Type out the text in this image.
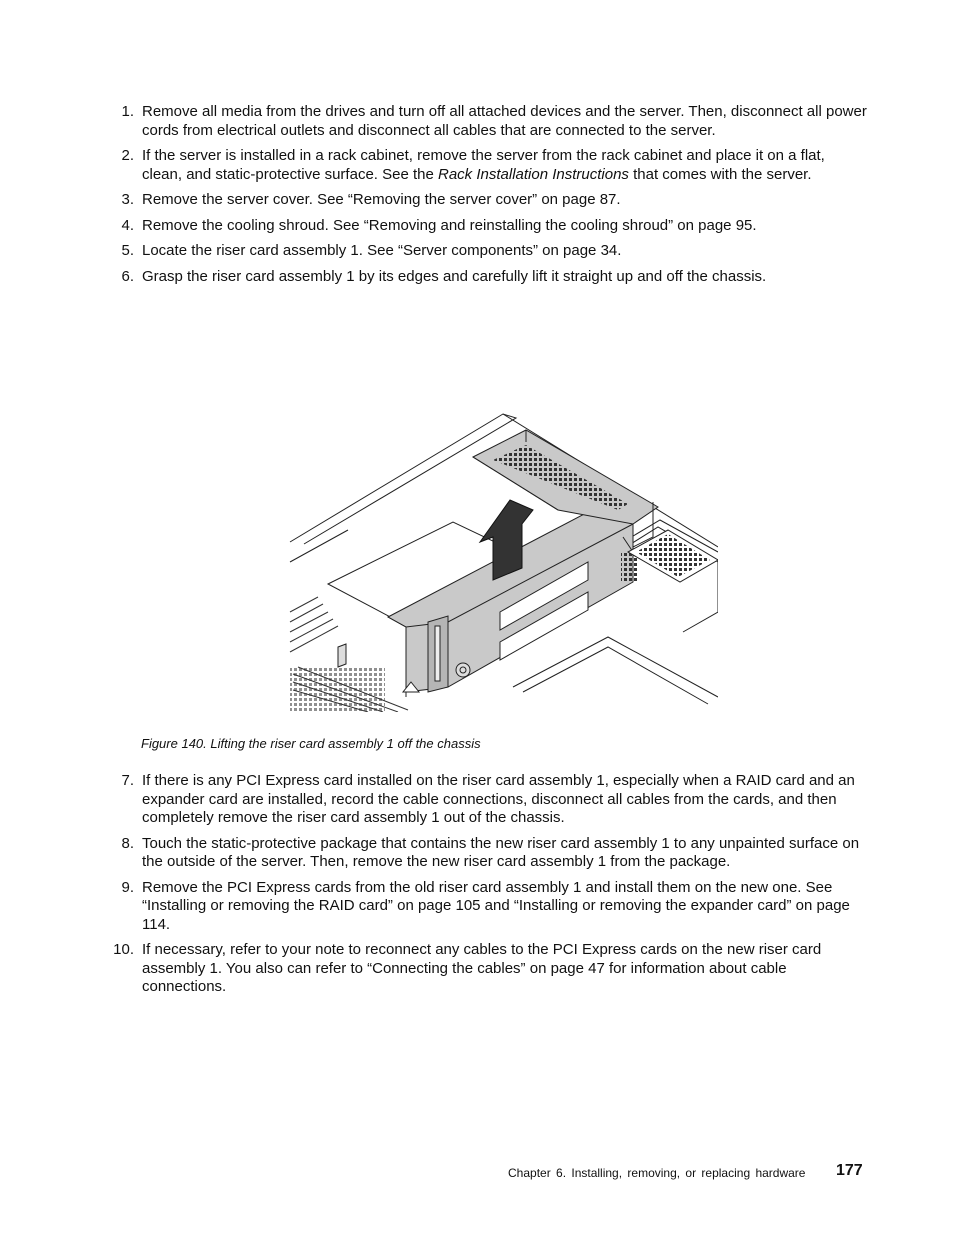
1. Remove all media from the drives and turn off all attached devices and the server. Then, disconnect all power cords from electrical outlets and disconnect all cables that are connected to the server.
2. If the server is installed in a rack cabinet, remove the server from the rack cabinet and place it on a flat, clean, and static-protective surface. See the Rack Installation Instructions that comes with the server.
3. Remove the server cover. See “Removing the server cover” on page 87.
4. Remove the cooling shroud. See “Removing and reinstalling the cooling shroud” on page 95.
5. Locate the riser card assembly 1. See “Server components” on page 34.
6. Grasp the riser card assembly 1 by its edges and carefully lift it straight up and off the chassis.
Figure 140. Lifting the riser card assembly 1 off the chassis
7. If there is any PCI Express card installed on the riser card assembly 1, especially when a RAID card and an expander card are installed, record the cable connections, disconnect all cables from the cards, and then completely remove the riser card assembly 1 out of the chassis.
8. Touch the static-protective package that contains the new riser card assembly 1 to any unpainted surface on the outside of the server. Then, remove the new riser card assembly 1 from the package.
9. Remove the PCI Express cards from the old riser card assembly 1 and install them on the new one. See “Installing or removing the RAID card” on page 105 and “Installing or removing the expander card” on page 114.
10. If necessary, refer to your note to reconnect any cables to the PCI Express cards on the new riser card assembly 1. You also can refer to “Connecting the cables” on page 47 for information about cable connections.
Chapter 6. Installing, removing, or replacing hardware 177
